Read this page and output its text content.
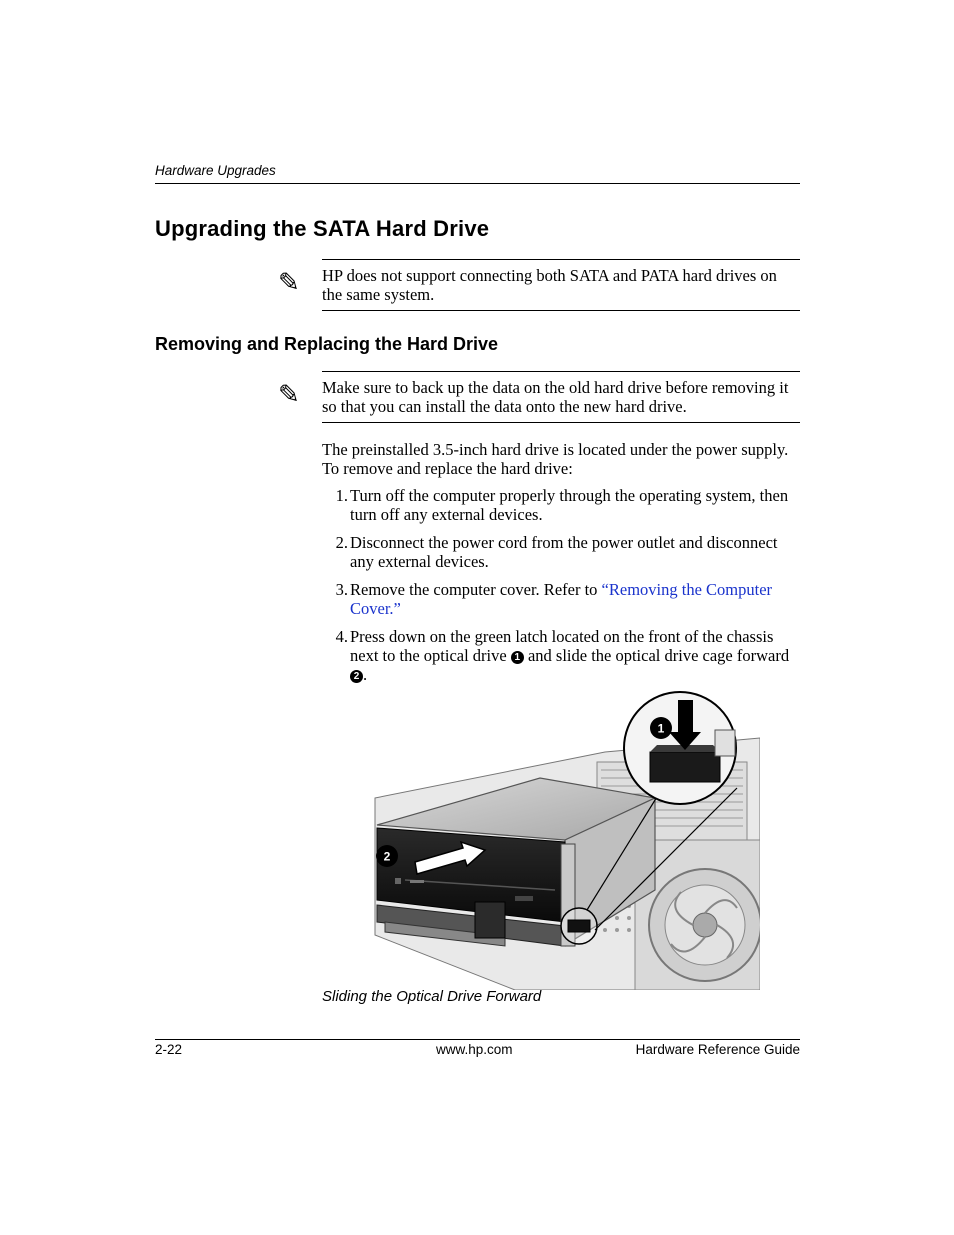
Hardware Upgrades
Upgrading the SATA Hard Drive
✎ HP does not support connecting both SATA and PATA hard drives on the same system.
Removing and Replacing the Hard Drive
✎ Make sure to back up the data on the old hard drive before removing it so that you can install the data onto the new hard drive.
The preinstalled 3.5-inch hard drive is located under the power supply. To remove and replace the hard drive:
1. Turn off the computer properly through the operating system, then turn off any external devices.
2. Disconnect the power cord from the power outlet and disconnect any external devices.
3. Remove the computer cover. Refer to “Removing the Computer Cover.”
4. Press down on the green latch located on the front of the chassis next to the optical drive 1 and slide the optical drive cage forward 2 .
2
1
Sliding the Optical Drive Forward
2-22	www.hp.com	Hardware Reference Guide
